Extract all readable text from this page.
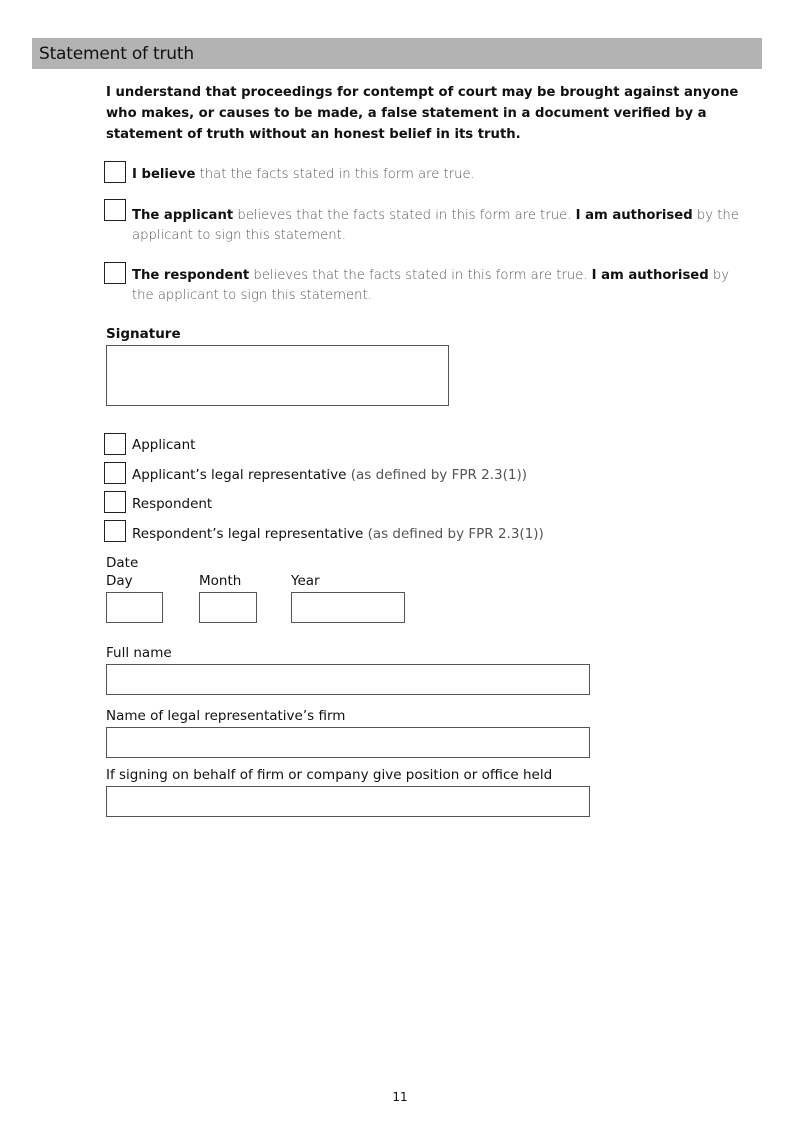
Statement of truth
I understand that proceedings for contempt of court may be brought against anyone who makes, or causes to be made, a false statement in a document verified by a statement of truth without an honest belief in its truth.
I believe that the facts stated in this form are true.
The applicant believes that the facts stated in this form are true. I am authorised by the applicant to sign this statement.
The respondent believes that the facts stated in this form are true. I am authorised by the applicant to sign this statement.
Signature
Applicant
Applicant’s legal representative (as defined by FPR 2.3(1))
Respondent
Respondent’s legal representative (as defined by FPR 2.3(1))
Date
Day	Month	Year
Full name
Name of legal representative’s firm
If signing on behalf of firm or company give position or office held
11
